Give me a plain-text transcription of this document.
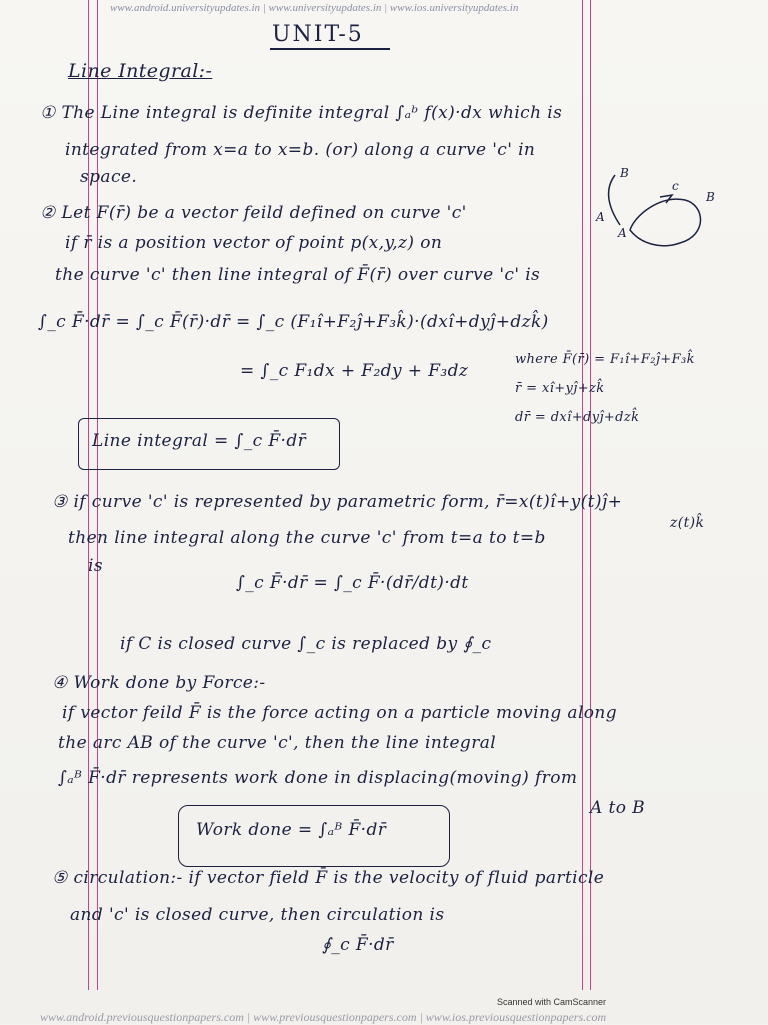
www.android.universityupdates.in | www.universityupdates.in | www.ios.universityupdates.in
UNIT-5
Line Integral:-
① The Line integral is definite integral ∫ₐᵇ f(x)·dx which is
integrated from x=a to x=b. (or) along a curve 'c' in
space.
② Let F(r̄) be a vector feild defined on curve 'c'
if r̄ is a position vector of point p(x,y,z) on
the curve 'c' then line integral of F̄(r̄) over curve 'c' is
B
c
B
A
A
∫_c F̄·dr̄ = ∫_c F̄(r̄)·dr̄ = ∫_c (F₁î+F₂ĵ+F₃k̂)·(dxî+dyĵ+dzk̂)
= ∫_c F₁dx + F₂dy + F₃dz
where F̄(r̄) = F₁î+F₂ĵ+F₃k̂
r̄ = xî+yĵ+zk̂
dr̄ = dxî+dyĵ+dzk̂
Line integral = ∫_c F̄·dr̄
③ if curve 'c' is represented by parametric form, r̄=x(t)î+y(t)ĵ+
z(t)k̂
then line integral along the curve 'c' from t=a to t=b
is
∫_c F̄·dr̄ = ∫_c F̄·(dr̄/dt)·dt
if C is closed curve ∫_c is replaced by ∮_c
④ Work done by Force:-
if vector feild F̄ is the force acting on a particle moving along
the arc AB of the curve 'c', then the line integral
∫ₐᴮ F̄·dr̄ represents work done in displacing(moving) from
A to B
Work done = ∫ₐᴮ F̄·dr̄
⑤ circulation:- if vector field F̄ is the velocity of fluid particle
and 'c' is closed curve, then circulation is
∮_c F̄·dr̄
Scanned with CamScanner
www.android.previousquestionpapers.com | www.previousquestionpapers.com | www.ios.previousquestionpapers.com
